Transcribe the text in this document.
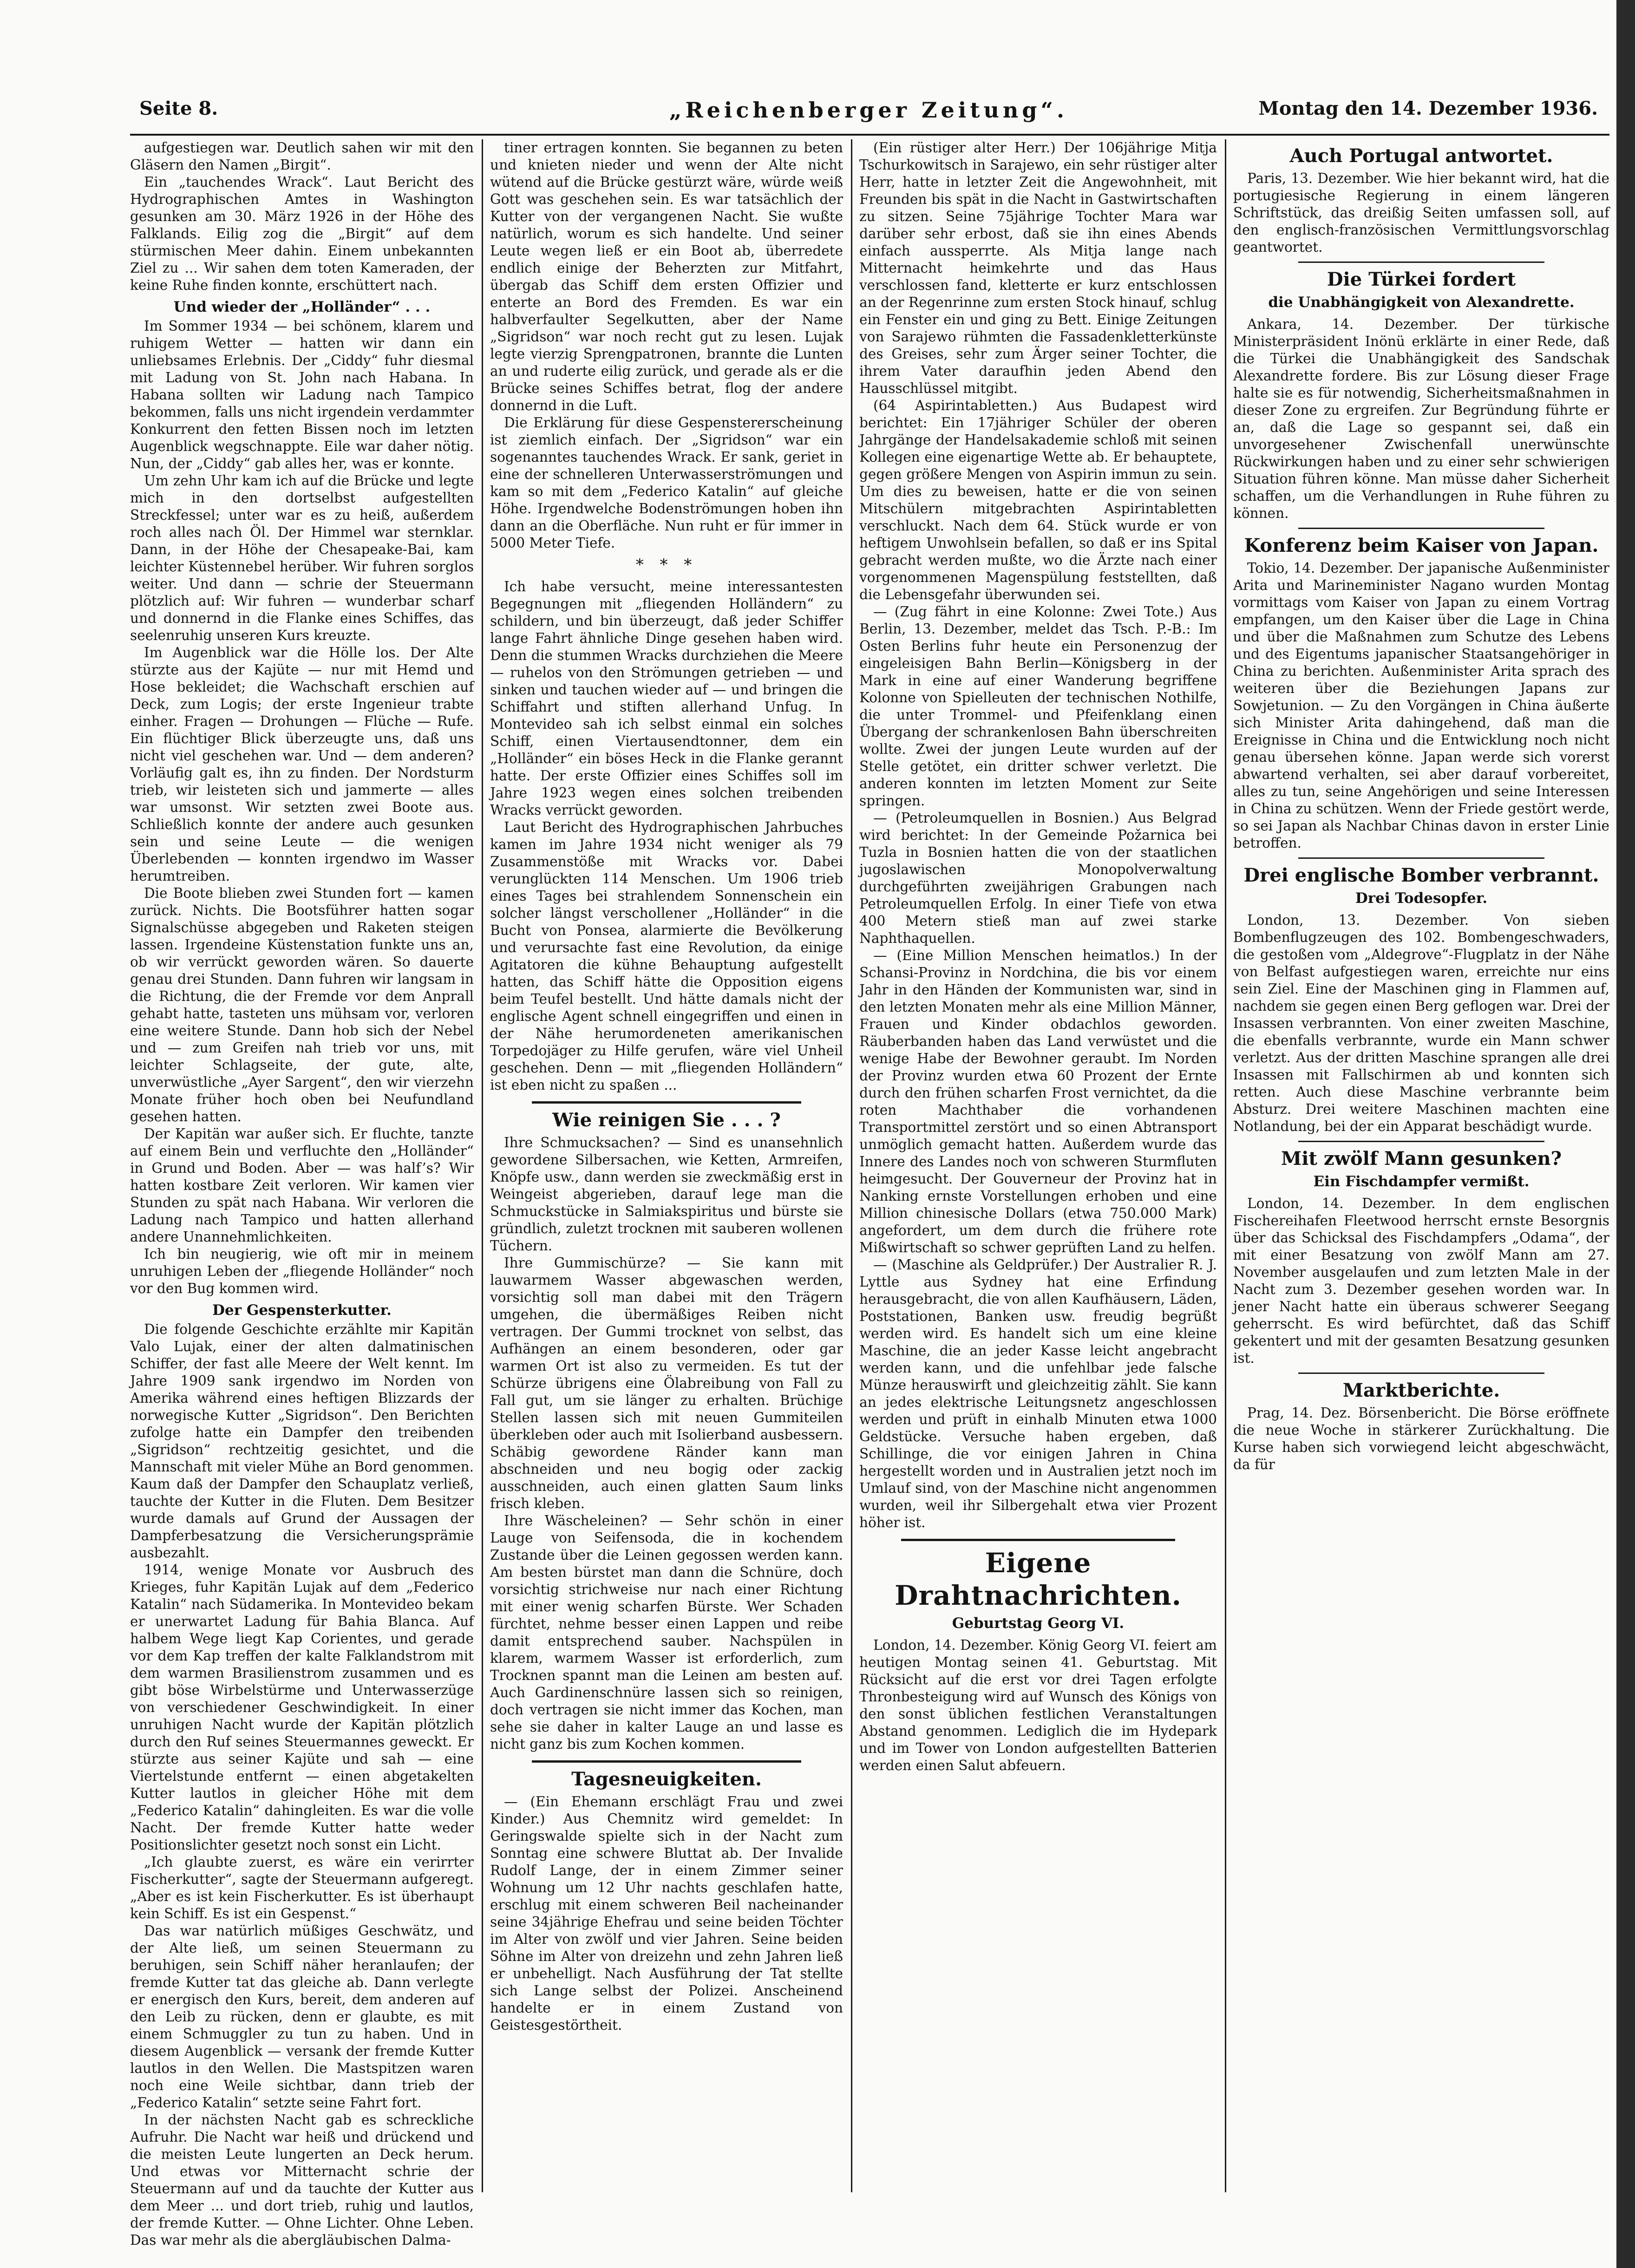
„Reichenberger Zeitung“.
Seite 8.	Montag den 14. Dezember 1936.

aufgestiegen war. Deutlich sahen wir mit den Gläsern den Namen „Birgit“.

Ein „tauchendes Wrack“. Laut Bericht des Hydrographischen Amtes in Washington gesunken am 30. März 1926 in der Höhe des Falklands. Eilig zog die „Birgit“ auf dem stürmischen Meer dahin. Einem unbekannten Ziel zu ... Wir sahen dem toten Kameraden, der keine Ruhe finden konnte, erschüttert nach.

Und wieder der „Holländer“ . . .

Im Sommer 1934 — bei schönem, klarem und ruhigem Wetter — hatten wir dann ein unliebsames Erlebnis. Der „Ciddy“ fuhr diesmal mit Ladung von St. John nach Habana. In Habana sollten wir Ladung nach Tampico bekommen, falls uns nicht irgendein verdammter Konkurrent den fetten Bissen noch im letzten Augenblick wegschnappte. Eile war daher nötig. Nun, der „Ciddy“ gab alles her, was er konnte.

Um zehn Uhr kam ich auf die Brücke und legte mich in den dortselbst aufgestellten Streckfessel; unter war es zu heiß, außerdem roch alles nach Öl. Der Himmel war sternklar. Dann, in der Höhe der Chesapeake-Bai, kam leichter Küstennebel herüber. Wir fuhren sorglos weiter. Und dann — schrie der Steuermann plötzlich auf: Wir fuhren — wunderbar scharf und donnernd in die Flanke eines Schiffes, das seelenruhig unseren Kurs kreuzte.

Im Augenblick war die Hölle los. Der Alte stürzte aus der Kajüte — nur mit Hemd und Hose bekleidet; die Wachschaft erschien auf Deck, zum Logis; der erste Ingenieur trabte einher. Fragen — Drohungen — Flüche — Rufe. Ein flüchtiger Blick überzeugte uns, daß uns nicht viel geschehen war. Und — dem anderen? Vorläufig galt es, ihn zu finden. Der Nordsturm trieb, wir leisteten sich und jammerte — alles war umsonst. Wir setzten zwei Boote aus. Schließlich konnte der andere auch gesunken sein und seine Leute — die wenigen Überlebenden — konnten irgendwo im Wasser herumtreiben.

Die Boote blieben zwei Stunden fort — kamen zurück. Nichts. Die Bootsführer hatten sogar Signalschüsse abgegeben und Raketen steigen lassen. Irgendeine Küstenstation funkte uns an, ob wir verrückt geworden wären. So dauerte genau drei Stunden. Dann fuhren wir langsam in die Richtung, die der Fremde vor dem Anprall gehabt hatte, tasteten uns mühsam vor, verloren eine weitere Stunde. Dann hob sich der Nebel und — zum Greifen nah trieb vor uns, mit leichter Schlagseite, der gute, alte, unverwüstliche „Ayer Sargent“, den wir vierzehn Monate früher hoch oben bei Neufundland gesehen hatten.

Der Kapitän war außer sich. Er fluchte, tanzte auf einem Bein und verfluchte den „Holländer“ in Grund und Boden. Aber — was half’s? Wir hatten kostbare Zeit verloren. Wir kamen vier Stunden zu spät nach Habana. Wir verloren die Ladung nach Tampico und hatten allerhand andere Unannehmlichkeiten.

Ich bin neugierig, wie oft mir in meinem unruhigen Leben der „fliegende Holländer“ noch vor den Bug kommen wird.

Der Gespensterkutter.

Die folgende Geschichte erzählte mir Kapitän Valo Lujak, einer der alten dalmatinischen Schiffer, der fast alle Meere der Welt kennt. Im Jahre 1909 sank irgendwo im Norden von Amerika während eines heftigen Blizzards der norwegische Kutter „Sigridson“. Den Berichten zufolge hatte ein Dampfer den treibenden „Sigridson“ rechtzeitig gesichtet, und die Mannschaft mit vieler Mühe an Bord genommen. Kaum daß der Dampfer den Schauplatz verließ, tauchte der Kutter in die Fluten. Dem Besitzer wurde damals auf Grund der Aussagen der Dampferbesatzung die Versicherungsprämie ausbezahlt.

1914, wenige Monate vor Ausbruch des Krieges, fuhr Kapitän Lujak auf dem „Federico Katalin“ nach Südamerika. In Montevideo bekam er unerwartet Ladung für Bahia Blanca. Auf halbem Wege liegt Kap Corientes, und gerade vor dem Kap treffen der kalte Falklandstrom mit dem warmen Brasilienstrom zusammen und es gibt böse Wirbelstürme und Unterwasserzüge von verschiedener Geschwindigkeit. In einer unruhigen Nacht wurde der Kapitän plötzlich durch den Ruf seines Steuermannes geweckt. Er stürzte aus seiner Kajüte und sah — eine Viertelstunde entfernt — einen abgetakelten Kutter lautlos in gleicher Höhe mit dem „Federico Katalin“ dahingleiten. Es war die volle Nacht. Der fremde Kutter hatte weder Positionslichter gesetzt noch sonst ein Licht.

„Ich glaubte zuerst, es wäre ein verirrter Fischerkutter“, sagte der Steuermann aufgeregt. „Aber es ist kein Fischerkutter. Es ist überhaupt kein Schiff. Es ist ein Gespenst.“

Das war natürlich müßiges Geschwätz, und der Alte ließ, um seinen Steuermann zu beruhigen, sein Schiff näher heranlaufen; der fremde Kutter tat das gleiche ab. Dann verlegte er energisch den Kurs, bereit, dem anderen auf den Leib zu rücken, denn er glaubte, es mit einem Schmuggler zu tun zu haben. Und in diesem Augenblick — versank der fremde Kutter lautlos in den Wellen. Die Mastspitzen waren noch eine Weile sichtbar, dann trieb der „Federico Katalin“ setzte seine Fahrt fort.

In der nächsten Nacht gab es schreckliche Aufruhr. Die Nacht war heiß und drückend und die meisten Leute lungerten an Deck herum. Und etwas vor Mitternacht schrie der Steuermann auf und da tauchte der Kutter aus dem Meer ... und dort trieb, ruhig und lautlos, der fremde Kutter. — Ohne Lichter. Ohne Leben. Das war mehr als die abergläubischen Dalma-

tiner ertragen konnten. Sie begannen zu beten und knieten nieder und wenn der Alte nicht wütend auf die Brücke gestürzt wäre, würde weiß Gott was geschehen sein. Es war tatsächlich der Kutter von der vergangenen Nacht. Sie wußte natürlich, worum es sich handelte. Und seiner Leute wegen ließ er ein Boot ab, überredete endlich einige der Beherzten zur Mitfahrt, übergab das Schiff dem ersten Offizier und enterte an Bord des Fremden. Es war ein halbverfaulter Segelkutten, aber der Name „Sigridson“ war noch recht gut zu lesen. Lujak legte vierzig Sprengpatronen, brannte die Lunten an und ruderte eilig zurück, und gerade als er die Brücke seines Schiffes betrat, flog der andere donnernd in die Luft.

Die Erklärung für diese Gespenstererscheinung ist ziemlich einfach. Der „Sigridson“ war ein sogenanntes tauchendes Wrack. Er sank, geriet in eine der schnelleren Unterwasserströmungen und kam so mit dem „Federico Katalin“ auf gleiche Höhe. Irgendwelche Bodenströmungen hoben ihn dann an die Oberfläche. Nun ruht er für immer in 5000 Meter Tiefe.

* * *

Ich habe versucht, meine interessantesten Begegnungen mit „fliegenden Holländern“ zu schildern, und bin überzeugt, daß jeder Schiffer lange Fahrt ähnliche Dinge gesehen haben wird. Denn die stummen Wracks durchziehen die Meere — ruhelos von den Strömungen getrieben — und sinken und tauchen wieder auf — und bringen die Schiffahrt und stiften allerhand Unfug. In Montevideo sah ich selbst einmal ein solches Schiff, einen Viertausendtonner, dem ein „Holländer“ ein böses Heck in die Flanke gerannt hatte. Der erste Offizier eines Schiffes soll im Jahre 1923 wegen eines solchen treibenden Wracks verrückt geworden.

Laut Bericht des Hydrographischen Jahrbuches kamen im Jahre 1934 nicht weniger als 79 Zusammenstöße mit Wracks vor. Dabei verunglückten 114 Menschen. Um 1906 trieb eines Tages bei strahlendem Sonnenschein ein solcher längst verschollener „Holländer“ in die Bucht von Ponsea, alarmierte die Bevölkerung und verursachte fast eine Revolution, da einige Agitatoren die kühne Behauptung aufgestellt hatten, das Schiff hätte die Opposition eigens beim Teufel bestellt. Und hätte damals nicht der englische Agent schnell eingegriffen und einen in der Nähe herumordeneten amerikanischen Torpedojäger zu Hilfe gerufen, wäre viel Unheil geschehen. Denn — mit „fliegenden Holländern“ ist eben nicht zu spaßen ...

Wie reinigen Sie . . . ?

Ihre Schmucksachen? — Sind es unansehnlich gewordene Silbersachen, wie Ketten, Armreifen, Knöpfe usw., dann werden sie zweckmäßig erst in Weingeist abgerieben, darauf lege man die Schmuckstücke in Salmiakspiritus und bürste sie gründlich, zuletzt trocknen mit sauberen wollenen Tüchern.

Ihre Gummischürze? — Sie kann mit lauwarmem Wasser abgewaschen werden, vorsichtig soll man dabei mit den Trägern umgehen, die übermäßiges Reiben nicht vertragen. Der Gummi trocknet von selbst, das Aufhängen an einem besonderen, oder gar warmen Ort ist also zu vermeiden. Es tut der Schürze übrigens eine Ölabreibung von Fall zu Fall gut, um sie länger zu erhalten. Brüchige Stellen lassen sich mit neuen Gummiteilen überkleben oder auch mit Isolierband ausbessern. Schäbig gewordene Ränder kann man abschneiden und neu bogig oder zackig ausschneiden, auch einen glatten Saum links frisch kleben.

Ihre Wäscheleinen? — Sehr schön in einer Lauge von Seifensoda, die in kochendem Zustande über die Leinen gegossen werden kann. Am besten bürstet man dann die Schnüre, doch vorsichtig strichweise nur nach einer Richtung mit einer wenig scharfen Bürste. Wer Schaden fürchtet, nehme besser einen Lappen und reibe damit entsprechend sauber. Nachspülen in klarem, warmem Wasser ist erforderlich, zum Trocknen spannt man die Leinen am besten auf. Auch Gardinenschnüre lassen sich so reinigen, doch vertragen sie nicht immer das Kochen, man sehe sie daher in kalter Lauge an und lasse es nicht ganz bis zum Kochen kommen.

Tagesneuigkeiten.

— (Ein Ehemann erschlägt Frau und zwei Kinder.) Aus Chemnitz wird gemeldet: In Geringswalde spielte sich in der Nacht zum Sonntag eine schwere Bluttat ab. Der Invalide Rudolf Lange, der in einem Zimmer seiner Wohnung um 12 Uhr nachts geschlafen hatte, erschlug mit einem schweren Beil nacheinander seine 34jährige Ehefrau und seine beiden Töchter im Alter von zwölf und vier Jahren. Seine beiden Söhne im Alter von dreizehn und zehn Jahren ließ er unbehelligt. Nach Ausführung der Tat stellte sich Lange selbst der Polizei. Anscheinend handelte er in einem Zustand von Geistesgestörtheit.

(Ein rüstiger alter Herr.) Der 106jährige Mitja Tschurkowitsch in Sarajewo, ein sehr rüstiger alter Herr, hatte in letzter Zeit die Angewohnheit, mit Freunden bis spät in die Nacht in Gastwirtschaften zu sitzen. Seine 75jährige Tochter Mara war darüber sehr erbost, daß sie ihn eines Abends einfach aussperrte. Als Mitja lange nach Mitternacht heimkehrte und das Haus verschlossen fand, kletterte er kurz entschlossen an der Regenrinne zum ersten Stock hinauf, schlug ein Fenster ein und ging zu Bett. Einige Zeitungen von Sarajewo rühmten die Fassadenkletterkünste des Greises, sehr zum Ärger seiner Tochter, die ihrem Vater daraufhin jeden Abend den Hausschlüssel mitgibt.

(64 Aspirintabletten.) Aus Budapest wird berichtet: Ein 17jähriger Schüler der oberen Jahrgänge der Handelsakademie schloß mit seinen Kollegen eine eigenartige Wette ab. Er behauptete, gegen größere Mengen von Aspirin immun zu sein. Um dies zu beweisen, hatte er die von seinen Mitschülern mitgebrachten Aspirintabletten verschluckt. Nach dem 64. Stück wurde er von heftigem Unwohlsein befallen, so daß er ins Spital gebracht werden mußte, wo die Ärzte nach einer vorgenommenen Magenspülung feststellten, daß die Lebensgefahr überwunden sei.

— (Zug fährt in eine Kolonne: Zwei Tote.) Aus Berlin, 13. Dezember, meldet das Tsch. P.-B.: Im Osten Berlins fuhr heute ein Personenzug der eingeleisigen Bahn Berlin—Königsberg in der Mark in eine auf einer Wanderung begriffene Kolonne von Spielleuten der technischen Nothilfe, die unter Trommel- und Pfeifenklang einen Übergang der schrankenlosen Bahn überschreiten wollte. Zwei der jungen Leute wurden auf der Stelle getötet, ein dritter schwer verletzt. Die anderen konnten im letzten Moment zur Seite springen.

— (Petroleumquellen in Bosnien.) Aus Belgrad wird berichtet: In der Gemeinde Požarnica bei Tuzla in Bosnien hatten die von der staatlichen jugoslawischen Monopolverwaltung durchgeführten zweijährigen Grabungen nach Petroleumquellen Erfolg. In einer Tiefe von etwa 400 Metern stieß man auf zwei starke Naphthaquellen.

— (Eine Million Menschen heimatlos.) In der Schansi-Provinz in Nordchina, die bis vor einem Jahr in den Händen der Kommunisten war, sind in den letzten Monaten mehr als eine Million Männer, Frauen und Kinder obdachlos geworden. Räuberbanden haben das Land verwüstet und die wenige Habe der Bewohner geraubt. Im Norden der Provinz wurden etwa 60 Prozent der Ernte durch den frühen scharfen Frost vernichtet, da die roten Machthaber die vorhandenen Transportmittel zerstört und so einen Abtransport unmöglich gemacht hatten. Außerdem wurde das Innere des Landes noch von schweren Sturmfluten heimgesucht. Der Gouverneur der Provinz hat in Nanking ernste Vorstellungen erhoben und eine Million chinesische Dollars (etwa 750.000 Mark) angefordert, um dem durch die frühere rote Mißwirtschaft so schwer geprüften Land zu helfen.

— (Maschine als Geldprüfer.) Der Australier R. J. Lyttle aus Sydney hat eine Erfindung herausgebracht, die von allen Kaufhäusern, Läden, Poststationen, Banken usw. freudig begrüßt werden wird. Es handelt sich um eine kleine Maschine, die an jeder Kasse leicht angebracht werden kann, und die unfehlbar jede falsche Münze herauswirft und gleichzeitig zählt. Sie kann an jedes elektrische Leitungsnetz angeschlossen werden und prüft in einhalb Minuten etwa 1000 Geldstücke. Versuche haben ergeben, daß Schillinge, die vor einigen Jahren in China hergestellt worden und in Australien jetzt noch im Umlauf sind, von der Maschine nicht angenommen wurden, weil ihr Silbergehalt etwa vier Prozent höher ist.

Eigene Drahtnachrichten.
Geburtstag Georg VI.

London, 14. Dezember. König Georg VI. feiert am heutigen Montag seinen 41. Geburtstag. Mit Rücksicht auf die erst vor drei Tagen erfolgte Thronbesteigung wird auf Wunsch des Königs von den sonst üblichen festlichen Veranstaltungen Abstand genommen. Lediglich die im Hydepark und im Tower von London aufgestellten Batterien werden einen Salut abfeuern.

Auch Portugal antwortet.

Paris, 13. Dezember. Wie hier bekannt wird, hat die portugiesische Regierung in einem längeren Schriftstück, das dreißig Seiten umfassen soll, auf den englisch-französischen Vermittlungsvorschlag geantwortet.

Die Türkei fordert
die Unabhängigkeit von Alexandrette.

Ankara, 14. Dezember. Der türkische Ministerpräsident Inönü erklärte in einer Rede, daß die Türkei die Unabhängigkeit des Sandschak Alexandrette fordere. Bis zur Lösung dieser Frage halte sie es für notwendig, Sicherheitsmaßnahmen in dieser Zone zu ergreifen. Zur Begründung führte er an, daß die Lage so gespannt sei, daß ein unvorgesehener Zwischenfall unerwünschte Rückwirkungen haben und zu einer sehr schwierigen Situation führen könne. Man müsse daher Sicherheit schaffen, um die Verhandlungen in Ruhe führen zu können.

Konferenz beim Kaiser von Japan.

Tokio, 14. Dezember. Der japanische Außenminister Arita und Marineminister Nagano wurden Montag vormittags vom Kaiser von Japan zu einem Vortrag empfangen, um den Kaiser über die Lage in China und über die Maßnahmen zum Schutze des Lebens und des Eigentums japanischer Staatsangehöriger in China zu berichten. Außenminister Arita sprach des weiteren über die Beziehungen Japans zur Sowjetunion. — Zu den Vorgängen in China äußerte sich Minister Arita dahingehend, daß man die Ereignisse in China und die Entwicklung noch nicht genau übersehen könne. Japan werde sich vorerst abwartend verhalten, sei aber darauf vorbereitet, alles zu tun, seine Angehörigen und seine Interessen in China zu schützen. Wenn der Friede gestört werde, so sei Japan als Nachbar Chinas davon in erster Linie betroffen.

Drei englische Bomber verbrannt.
Drei Todesopfer.

London, 13. Dezember. Von sieben Bombenflugzeugen des 102. Bombengeschwaders, die gestoßen vom „Aldegrove“-Flugplatz in der Nähe von Belfast aufgestiegen waren, erreichte nur eins sein Ziel. Eine der Maschinen ging in Flammen auf, nachdem sie gegen einen Berg geflogen war. Drei der Insassen verbrannten. Von einer zweiten Maschine, die ebenfalls verbrannte, wurde ein Mann schwer verletzt. Aus der dritten Maschine sprangen alle drei Insassen mit Fallschirmen ab und konnten sich retten. Auch diese Maschine verbrannte beim Absturz. Drei weitere Maschinen machten eine Notlandung, bei der ein Apparat beschädigt wurde.

Mit zwölf Mann gesunken?
Ein Fischdampfer vermißt.

London, 14. Dezember. In dem englischen Fischereihafen Fleetwood herrscht ernste Besorgnis über das Schicksal des Fischdampfers „Odama“, der mit einer Besatzung von zwölf Mann am 27. November ausgelaufen und zum letzten Male in der Nacht zum 3. Dezember gesehen worden war. In jener Nacht hatte ein überaus schwerer Seegang geherrscht. Es wird befürchtet, daß das Schiff gekentert und mit der gesamten Besatzung gesunken ist.

Marktberichte.

Prag, 14. Dez. Börsenbericht. Die Börse eröffnete die neue Woche in stärkerer Zurückhaltung. Die Kurse haben sich vorwiegend leicht abgeschwächt, da für
